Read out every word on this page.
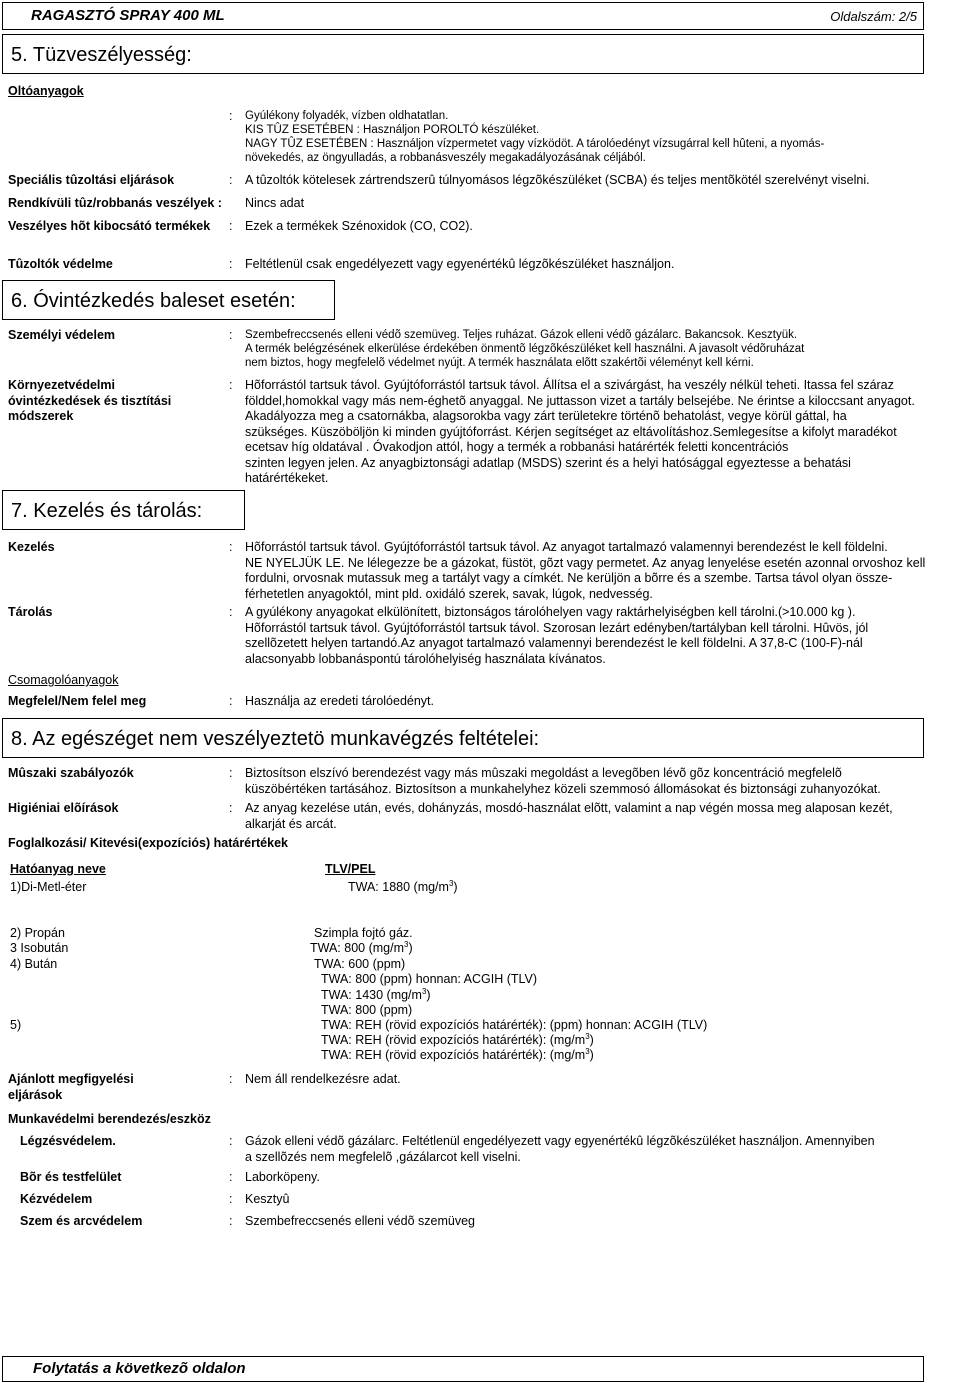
RAGASZTÓ SPRAY 400 ML	Oldalszám: 2/5
5. Tüzveszélyesség:
Oltóanyagok
: Gyúlékony folyadék, vízben oldhatatlan.
KIS TÛZ ESETÉBEN : Használjon POROLTÓ készüléket.
NAGY TÛZ ESETÉBEN : Használjon vízpermetet vagy vízködöt. A tárolóedényt vízsugárral kell hûteni, a nyomás-
növekedés, az öngyulladás, a robbanásveszély megakadályozásának céljából.
Speciális tûzoltási eljárások	: A tûzoltók kötelesek zártrendszerû túlnyomásos légzõkészüléket (SCBA) és teljes mentõkötél szerelvényt viselni.
Rendkívüli tûz/robbanás veszélyek : Nincs adat
Veszélyes hõt kibocsátó termékek : Ezek a termékek Szénoxidok (CO, CO2).
Tûzoltók védelme	: Feltétlenül csak engedélyezett vagy egyenértékû légzõkészüléket használjon.
6. Óvintézkedés baleset esetén:
Személyi védelem	: Szembefreccsenés elleni védõ szemüveg. Teljes ruházat. Gázok elleni védõ gázálarc. Bakancsok. Kesztyük.
A termék belégzésének elkerülése érdekében önmentõ légzõkészüléket kell használni. A javasolt védõruházat
nem biztos, hogy megfelelõ védelmet nyújt. A termék használata elõtt szakértõi véleményt kell kérni.
Környezetvédelmi
óvintézkedések és tisztítási
módszerek
: Hõforrástól tartsuk távol. Gyújtóforrástól tartsuk távol. Állítsa el a szivárgást, ha veszély nélkül teheti. Itassa fel száraz
földdel,homokkal vagy más nem-éghetõ anyaggal. Ne juttasson vizet a tartály belsejébe. Ne érintse a kiloccsant anyagot.
Akadályozza meg a csatornákba, alagsorokba vagy zárt területekre történõ behatolást, vegye körül gáttal, ha
szükséges. Küszöböljön ki minden gyújtóforrást. Kérjen segítséget az eltávolításhoz.Semlegesítse a kifolyt maradékot
ecetsav híg oldatával . Óvakodjon attól, hogy a termék a robbanási határérték feletti koncentrációs
szinten legyen jelen. Az anyagbiztonsági adatlap (MSDS) szerint és a helyi hatósággal egyeztesse a behatási
határértékeket.
7. Kezelés és tárolás:
Kezelés	: Hõforrástól tartsuk távol. Gyújtóforrástól tartsuk távol. Az anyagot tartalmazó valamennyi berendezést le kell földelni.
NE NYELJÜK LE. Ne lélegezze be a gázokat, füstöt, gõzt vagy permetet. Az anyag lenyelése esetén azonnal orvoshoz kell
fordulni, orvosnak mutassuk meg a tartályt vagy a címkét. Ne kerüljön a bõrre és a szembe. Tartsa távol olyan össze-
férhetetlen anyagoktól, mint pld. oxidáló szerek, savak, lúgok, nedvesség.
Tárolás	: A gyúlékony anyagokat elkülönített, biztonságos tárolóhelyen vagy raktárhelyiségben kell tárolni.(>10.000 kg ).
Hõforrástól tartsuk távol. Gyújtóforrástól tartsuk távol. Szorosan lezárt edényben/tartályban kell tárolni. Hûvös, jól
szellõzetett helyen tartandó.Az anyagot tartalmazó valamennyi berendezést le kell földelni. A 37,8-C (100-F)-nál
alacsonyabb lobbanáspontú tárolóhelyiség használata kívánatos.
Csomagolóanyagok
Megfelel/Nem felel meg	: Használja az eredeti tárolóedényt.
8. Az egészéget nem veszélyeztetö munkavégzés feltételei:
Mûszaki szabályozók	: Biztosítson elszívó berendezést vagy más mûszaki megoldást a levegõben lévõ gõz koncentráció megfelelõ
küszöbértéken tartásához. Biztosítson a munkahelyhez közeli szemmosó állomásokat és biztonsági zuhanyozókat.
Higiéniai elõírások	: Az anyag kezelése után, evés, dohányzás, mosdó-használat elõtt, valamint a nap végén mossa meg alaposan kezét,
alkarját és arcát.
Foglalkozási/ Kitevési(expozíciós) határértékek
Hatóanyag neve	TLV/PEL
1)Di-Metl-éter	TWA: 1880 $(mg/m^3)$
2) Propán	Szimpla fojtó gáz.
3 Isobután	TWA: 800 $(mg/m^3)$
4) Bután	TWA: 600 (ppm)
TWA: 800 (ppm) honnan: ACGIH (TLV)
TWA: 1430 $(mg/m^3)$
TWA: 800 (ppm)
5)	TWA: REH (rövid expozíciós határérték): (ppm) honnan: ACGIH (TLV)
TWA: REH (rövid expozíciós határérték): $(mg/m^3)$
TWA: REH (rövid expozíciós határérték): $(mg/m^3)$
Ajánlott megfigyelési
eljárások
: Nem áll rendelkezésre adat.
Munkavédelmi berendezés/eszköz
Légzésvédelem.	: Gázok elleni védõ gázálarc. Feltétlenül engedélyezett vagy egyenértékû légzõkészüléket használjon. Amennyiben
a szellõzés nem megfelelõ ,gázálarcot kell viselni.
Bõr és testfelület	: Laborköpeny.
Kézvédelem	: Kesztyû
Szem és arcvédelem	: Szembefreccsenés elleni védõ szemüveg
Folytatás a következõ oldalon
